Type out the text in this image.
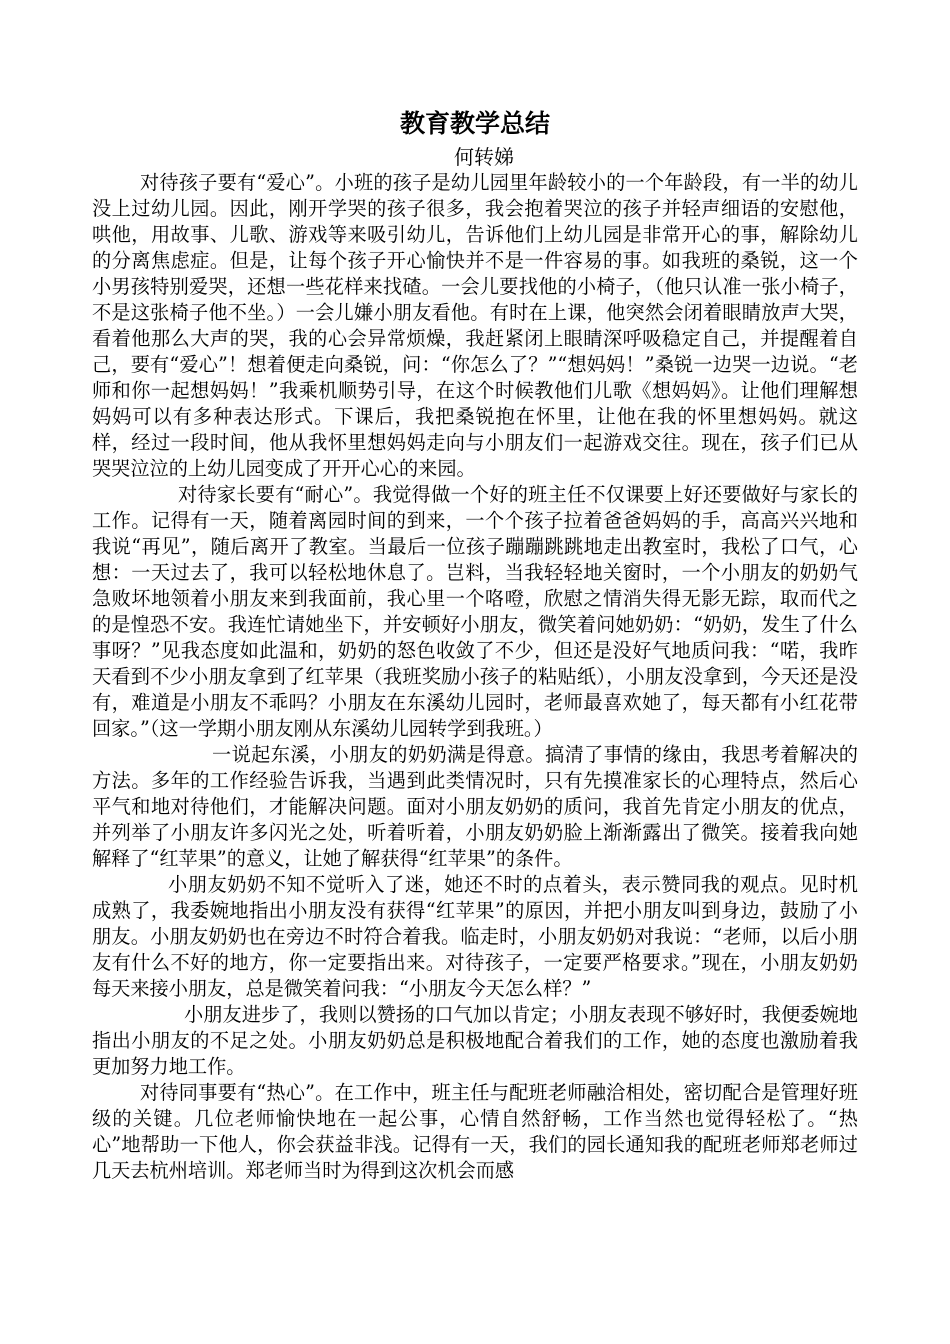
教育教学总结

何转娣

对待孩子要有“爱心”。小班的孩子是幼儿园里年龄较小的一个年龄段，有一半的幼儿没上过幼儿园。因此，刚开学哭的孩子很多，我会抱着哭泣的孩子并轻声细语的安慰他，哄他，用故事、儿歌、游戏等来吸引幼儿，告诉他们上幼儿园是非常开心的事，解除幼儿的分离焦虑症。但是，让每个孩子开心愉快并不是一件容易的事。如我班的桑锐，这一个小男孩特别爱哭，还想一些花样来找碴。一会儿要找他的小椅子，（他只认准一张小椅子，不是这张椅子他不坐。）一会儿嫌小朋友看他。有时在上课，他突然会闭着眼睛放声大哭，看着他那么大声的哭，我的心会异常烦燥，我赶紧闭上眼睛深呼吸稳定自己，并提醒着自己，要有“爱心”！想着便走向桑锐，问：“你怎么了？”“想妈妈！”桑锐一边哭一边说。“老师和你一起想妈妈！”我乘机顺势引导，在这个时候教他们儿歌《想妈妈》。让他们理解想妈妈可以有多种表达形式。下课后，我把桑锐抱在怀里，让他在我的怀里想妈妈。就这样，经过一段时间，他从我怀里想妈妈走向与小朋友们一起游戏交往。现在，孩子们已从哭哭泣泣的上幼儿园变成了开开心心的来园。

对待家长要有“耐心”。我觉得做一个好的班主任不仅课要上好还要做好与家长的工作。记得有一天，随着离园时间的到来，一个个孩子拉着爸爸妈妈的手，高高兴兴地和我说“再见”，随后离开了教室。当最后一位孩子蹦蹦跳跳地走出教室时，我松了口气，心想：一天过去了，我可以轻松地休息了。岂料，当我轻轻地关窗时，一个小朋友的奶奶气急败坏地领着小朋友来到我面前，我心里一个咯噔，欣慰之情消失得无影无踪，取而代之的是惶恐不安。我连忙请她坐下，并安顿好小朋友，微笑着问她奶奶：“奶奶，发生了什么事呀？”见我态度如此温和，奶奶的怒色收敛了不少，但还是没好气地质问我：“喏，我昨天看到不少小朋友拿到了红苹果（我班奖励小孩子的粘贴纸），小朋友没拿到，今天还是没有，难道是小朋友不乖吗？小朋友在东溪幼儿园时，老师最喜欢她了，每天都有小红花带回家。”（这一学期小朋友刚从东溪幼儿园转学到我班。）

一说起东溪，小朋友的奶奶满是得意。搞清了事情的缘由，我思考着解决的方法。多年的工作经验告诉我，当遇到此类情况时，只有先摸准家长的心理特点，然后心平气和地对待他们，才能解决问题。面对小朋友奶奶的质问，我首先肯定小朋友的优点，并列举了小朋友许多闪光之处，听着听着，小朋友奶奶脸上渐渐露出了微笑。接着我向她解释了“红苹果”的意义，让她了解获得“红苹果”的条件。

小朋友奶奶不知不觉听入了迷，她还不时的点着头，表示赞同我的观点。见时机成熟了，我委婉地指出小朋友没有获得“红苹果”的原因，并把小朋友叫到身边，鼓励了小朋友。小朋友奶奶也在旁边不时符合着我。临走时，小朋友奶奶对我说：“老师，以后小朋友有什么不好的地方，你一定要指出来。对待孩子，一定要严格要求。”现在，小朋友奶奶每天来接小朋友，总是微笑着问我：“小朋友今天怎么样？”

小朋友进步了，我则以赞扬的口气加以肯定；小朋友表现不够好时，我便委婉地指出小朋友的不足之处。小朋友奶奶总是积极地配合着我们的工作，她的态度也激励着我更加努力地工作。

对待同事要有“热心”。在工作中，班主任与配班老师融洽相处，密切配合是管理好班级的关键。几位老师愉快地在一起公事，心情自然舒畅，工作当然也觉得轻松了。“热心”地帮助一下他人，你会获益非浅。记得有一天，我们的园长通知我的配班老师郑老师过几天去杭州培训。郑老师当时为得到这次机会而感
